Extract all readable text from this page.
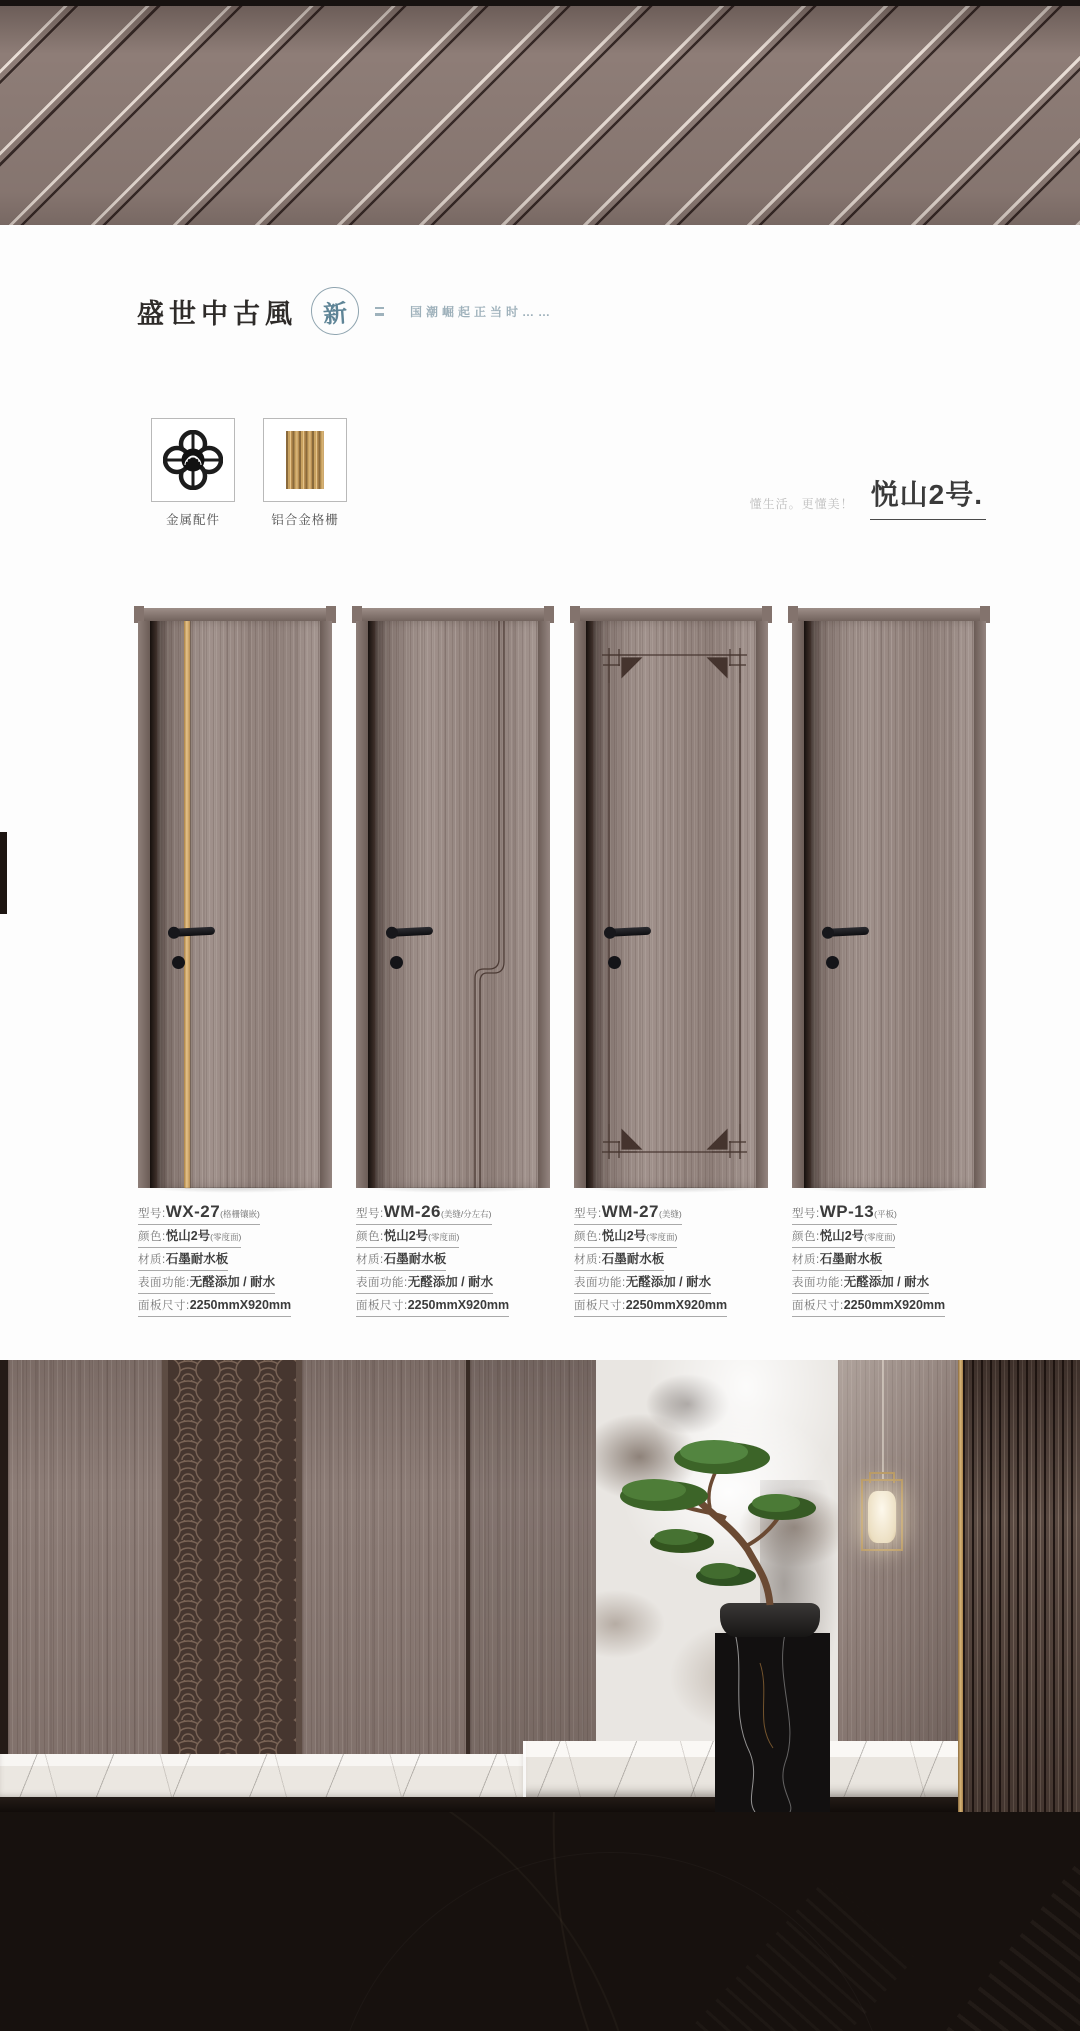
盛世中古風 新	国潮崛起正当时……
金属配件	铝合金格栅
懂生活。更懂美！ 悦山2号.
型号:WX-27(格栅镶嵌)
颜色:悦山2号(零度面)
材质:石墨耐水板
表面功能:无醛添加 / 耐水
面板尺寸:2250mmX920mm
型号:WM-26(美缝/分左右)
颜色:悦山2号(零度面)
材质:石墨耐水板
表面功能:无醛添加 / 耐水
面板尺寸:2250mmX920mm
型号:WM-27(美缝)
颜色:悦山2号(零度面)
材质:石墨耐水板
表面功能:无醛添加 / 耐水
面板尺寸:2250mmX920mm
型号:WP-13(平板)
颜色:悦山2号(零度面)
材质:石墨耐水板
表面功能:无醛添加 / 耐水
面板尺寸:2250mmX920mm
